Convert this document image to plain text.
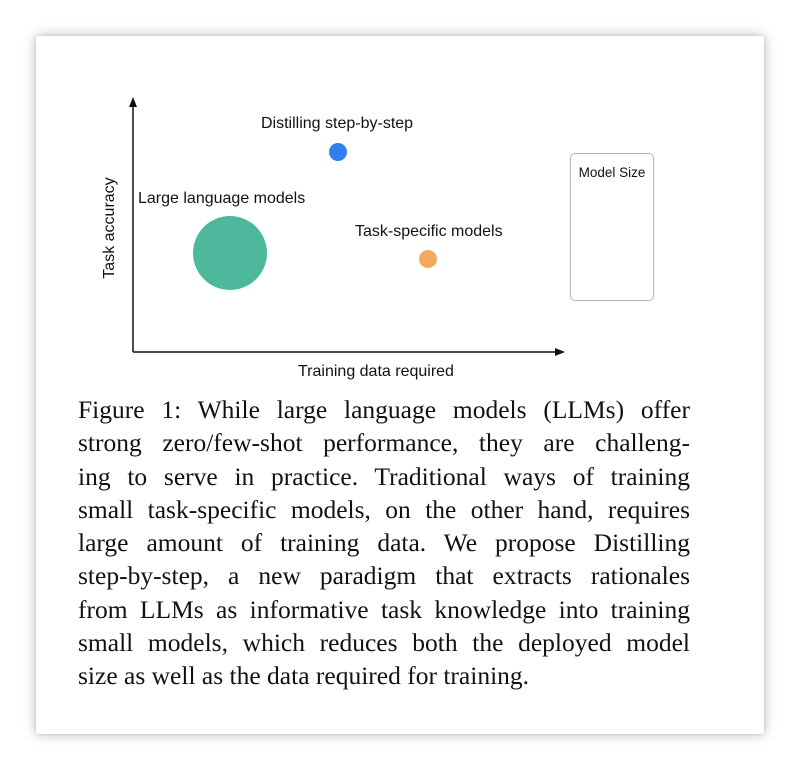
Task accuracy
Training data required
Large language models
Distilling step-by-step
Task-specific models
Model Size
Figure 1: While large language models (LLMs) offer
strong zero/few-shot performance, they are challeng-
ing to serve in practice. Traditional ways of training
small task-specific models, on the other hand, requires
large amount of training data. We propose Distilling
step-by-step, a new paradigm that extracts rationales
from LLMs as informative task knowledge into training
small models, which reduces both the deployed model
size as well as the data required for training.
